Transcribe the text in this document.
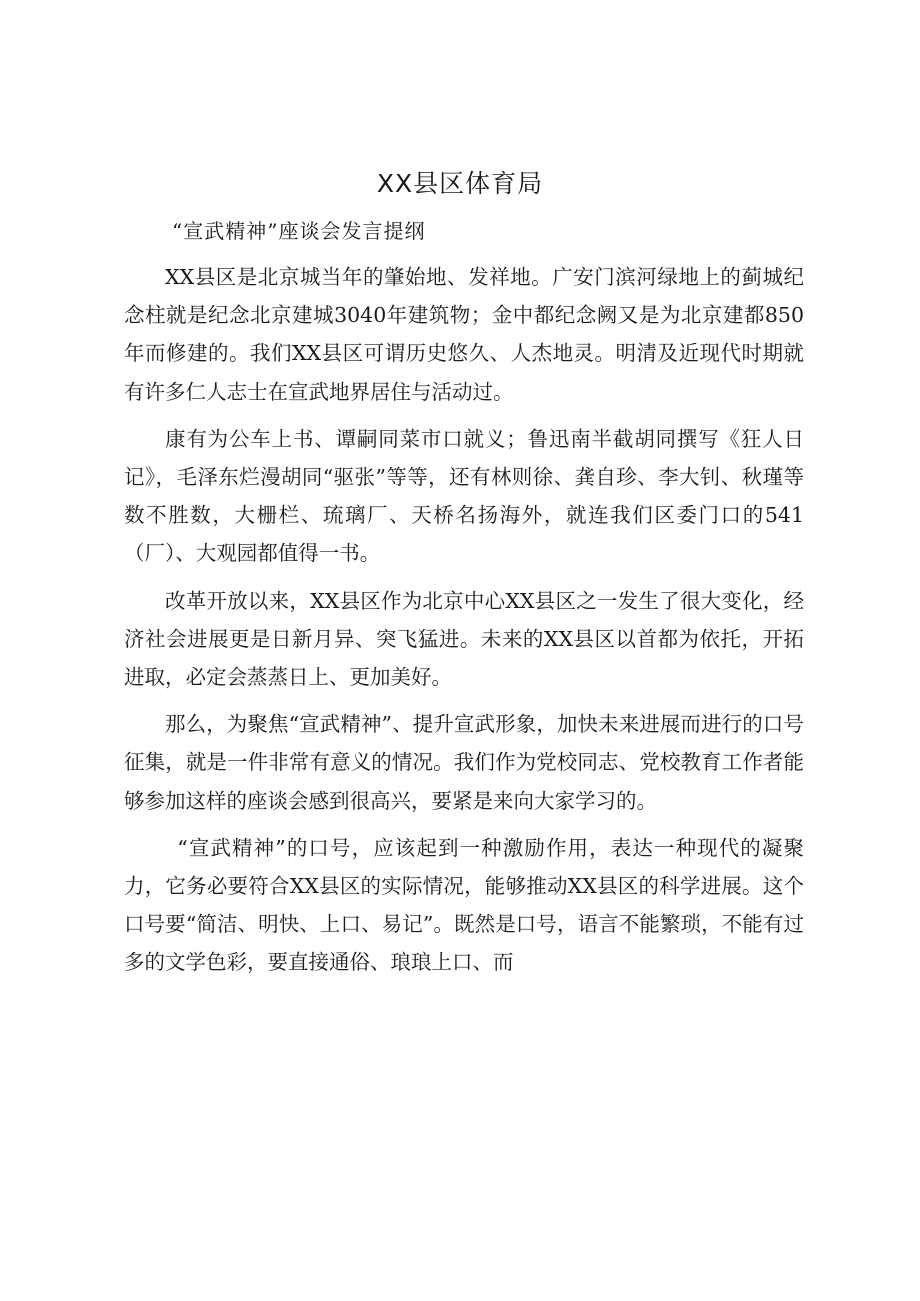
XX县区体育局
“宣武精神”座谈会发言提纲

XX县区是北京城当年的肇始地、发祥地。广安门滨河绿地上的蓟城纪念柱就是纪念北京建城3040年建筑物；金中都纪念阙又是为北京建都850年而修建的。我们XX县区可谓历史悠久、人杰地灵。明清及近现代时期就有许多仁人志士在宣武地界居住与活动过。

康有为公车上书、谭嗣同菜市口就义；鲁迅南半截胡同撰写《狂人日记》，毛泽东烂漫胡同“驱张”等等，还有林则徐、龚自珍、李大钊、秋瑾等数不胜数，大栅栏、琉璃厂、天桥名扬海外，就连我们区委门口的541（厂）、大观园都值得一书。

改革开放以来，XX县区作为北京中心XX县区之一发生了很大变化，经济社会进展更是日新月异、突飞猛进。未来的XX县区以首都为依托，开拓进取，必定会蒸蒸日上、更加美好。

那么，为聚焦“宣武精神”、提升宣武形象，加快未来进展而进行的口号征集，就是一件非常有意义的情况。我们作为党校同志、党校教育工作者能够参加这样的座谈会感到很高兴，要紧是来向大家学习的。

“宣武精神”的口号，应该起到一种激励作用，表达一种现代的凝聚力，它务必要符合XX县区的实际情况，能够推动XX县区的科学进展。这个口号要“简洁、明快、上口、易记”。既然是口号，语言不能繁琐，不能有过多的文学色彩，要直接通俗、琅琅上口、而
